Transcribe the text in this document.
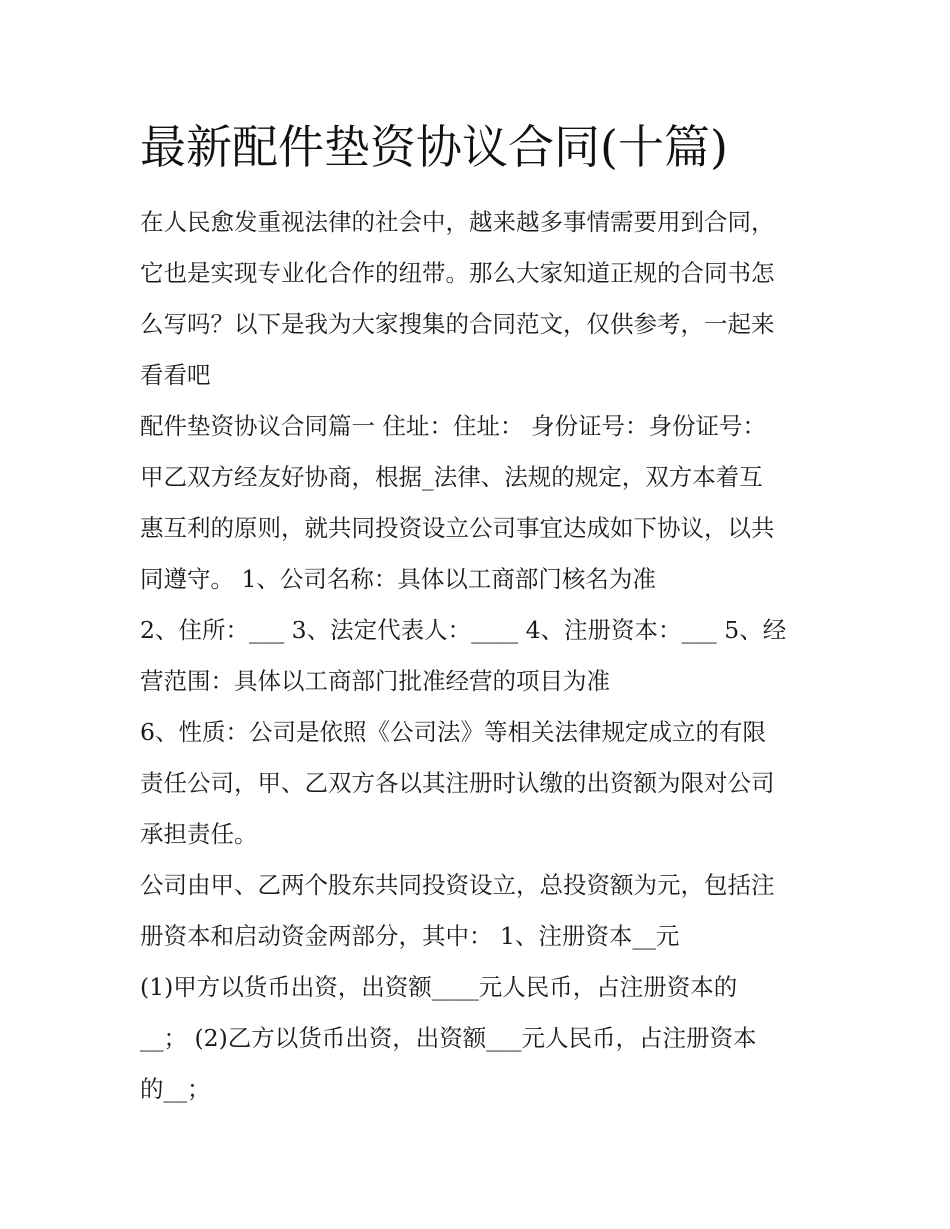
最新配件垫资协议合同(十篇)
在人民愈发重视法律的社会中，越来越多事情需要用到合同，
它也是实现专业化合作的纽带。那么大家知道正规的合同书怎
么写吗？以下是我为大家搜集的合同范文，仅供参考，一起来
看看吧
配件垫资协议合同篇一 住址：住址： 身份证号：身份证号：
甲乙双方经友好协商，根据_法律、法规的规定，双方本着互
惠互利的原则，就共同投资设立公司事宜达成如下协议，以共
同遵守。 1、公司名称：具体以工商部门核名为准
2、住所：___ 3、法定代表人：____ 4、注册资本：___ 5、经
营范围：具体以工商部门批准经营的项目为准
6、性质：公司是依照《公司法》等相关法律规定成立的有限
责任公司，甲、乙双方各以其注册时认缴的出资额为限对公司
承担责任。
公司由甲、乙两个股东共同投资设立，总投资额为元，包括注
册资本和启动资金两部分，其中： 1、注册资本__元
(1)甲方以货币出资，出资额____元人民币，占注册资本的
__； (2)乙方以货币出资，出资额___元人民币，占注册资本
的__；
